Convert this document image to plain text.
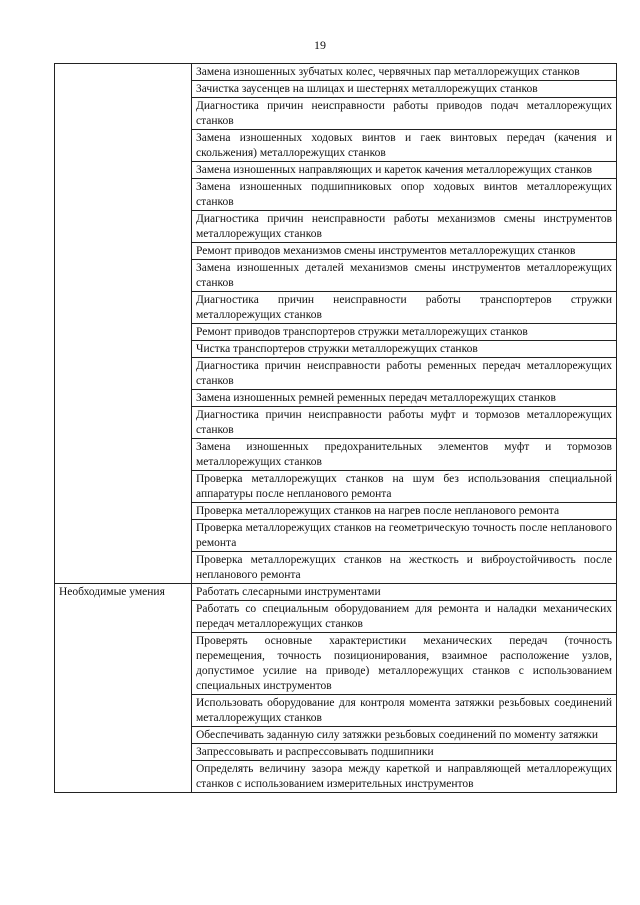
19
	Замена изношенных зубчатых колес, червячных пар металлорежущих станков
	Зачистка заусенцев на шлицах и шестернях металлорежущих станков
	Диагностика причин неисправности работы приводов подач металлорежущих станков
	Замена изношенных ходовых винтов и гаек винтовых передач (качения и скольжения) металлорежущих станков
	Замена изношенных направляющих и кареток качения металлорежущих станков
	Замена изношенных подшипниковых опор ходовых винтов металлорежущих станков
	Диагностика причин неисправности работы механизмов смены инструментов металлорежущих станков
	Ремонт приводов механизмов смены инструментов металлорежущих станков
	Замена изношенных деталей механизмов смены инструментов металлорежущих станков
	Диагностика причин неисправности работы транспортеров стружки металлорежущих станков
	Ремонт приводов транспортеров стружки металлорежущих станков
	Чистка транспортеров стружки металлорежущих станков
	Диагностика причин неисправности работы ременных передач металлорежущих станков
	Замена изношенных ремней ременных передач металлорежущих станков
	Диагностика причин неисправности работы муфт и тормозов металлорежущих станков
	Замена изношенных предохранительных элементов муфт и тормозов металлорежущих станков
	Проверка металлорежущих станков на шум без использования специальной аппаратуры после непланового ремонта
	Проверка металлорежущих станков на нагрев после непланового ремонта
	Проверка металлорежущих станков на геометрическую точность после непланового ремонта
	Проверка металлорежущих станков на жесткость и виброустойчивость после непланового ремонта
Необходимые умения	Работать слесарными инструментами
	Работать со специальным оборудованием для ремонта и наладки механических передач металлорежущих станков
	Проверять основные характеристики механических передач (точность перемещения, точность позиционирования, взаимное расположение узлов, допустимое усилие на приводе) металлорежущих станков с использованием специальных инструментов
	Использовать оборудование для контроля момента затяжки резьбовых соединений металлорежущих станков
	Обеспечивать заданную силу затяжки резьбовых соединений по моменту затяжки
	Запрессовывать и распрессовывать подшипники
	Определять величину зазора между кареткой и направляющей металлорежущих станков с использованием измерительных инструментов
